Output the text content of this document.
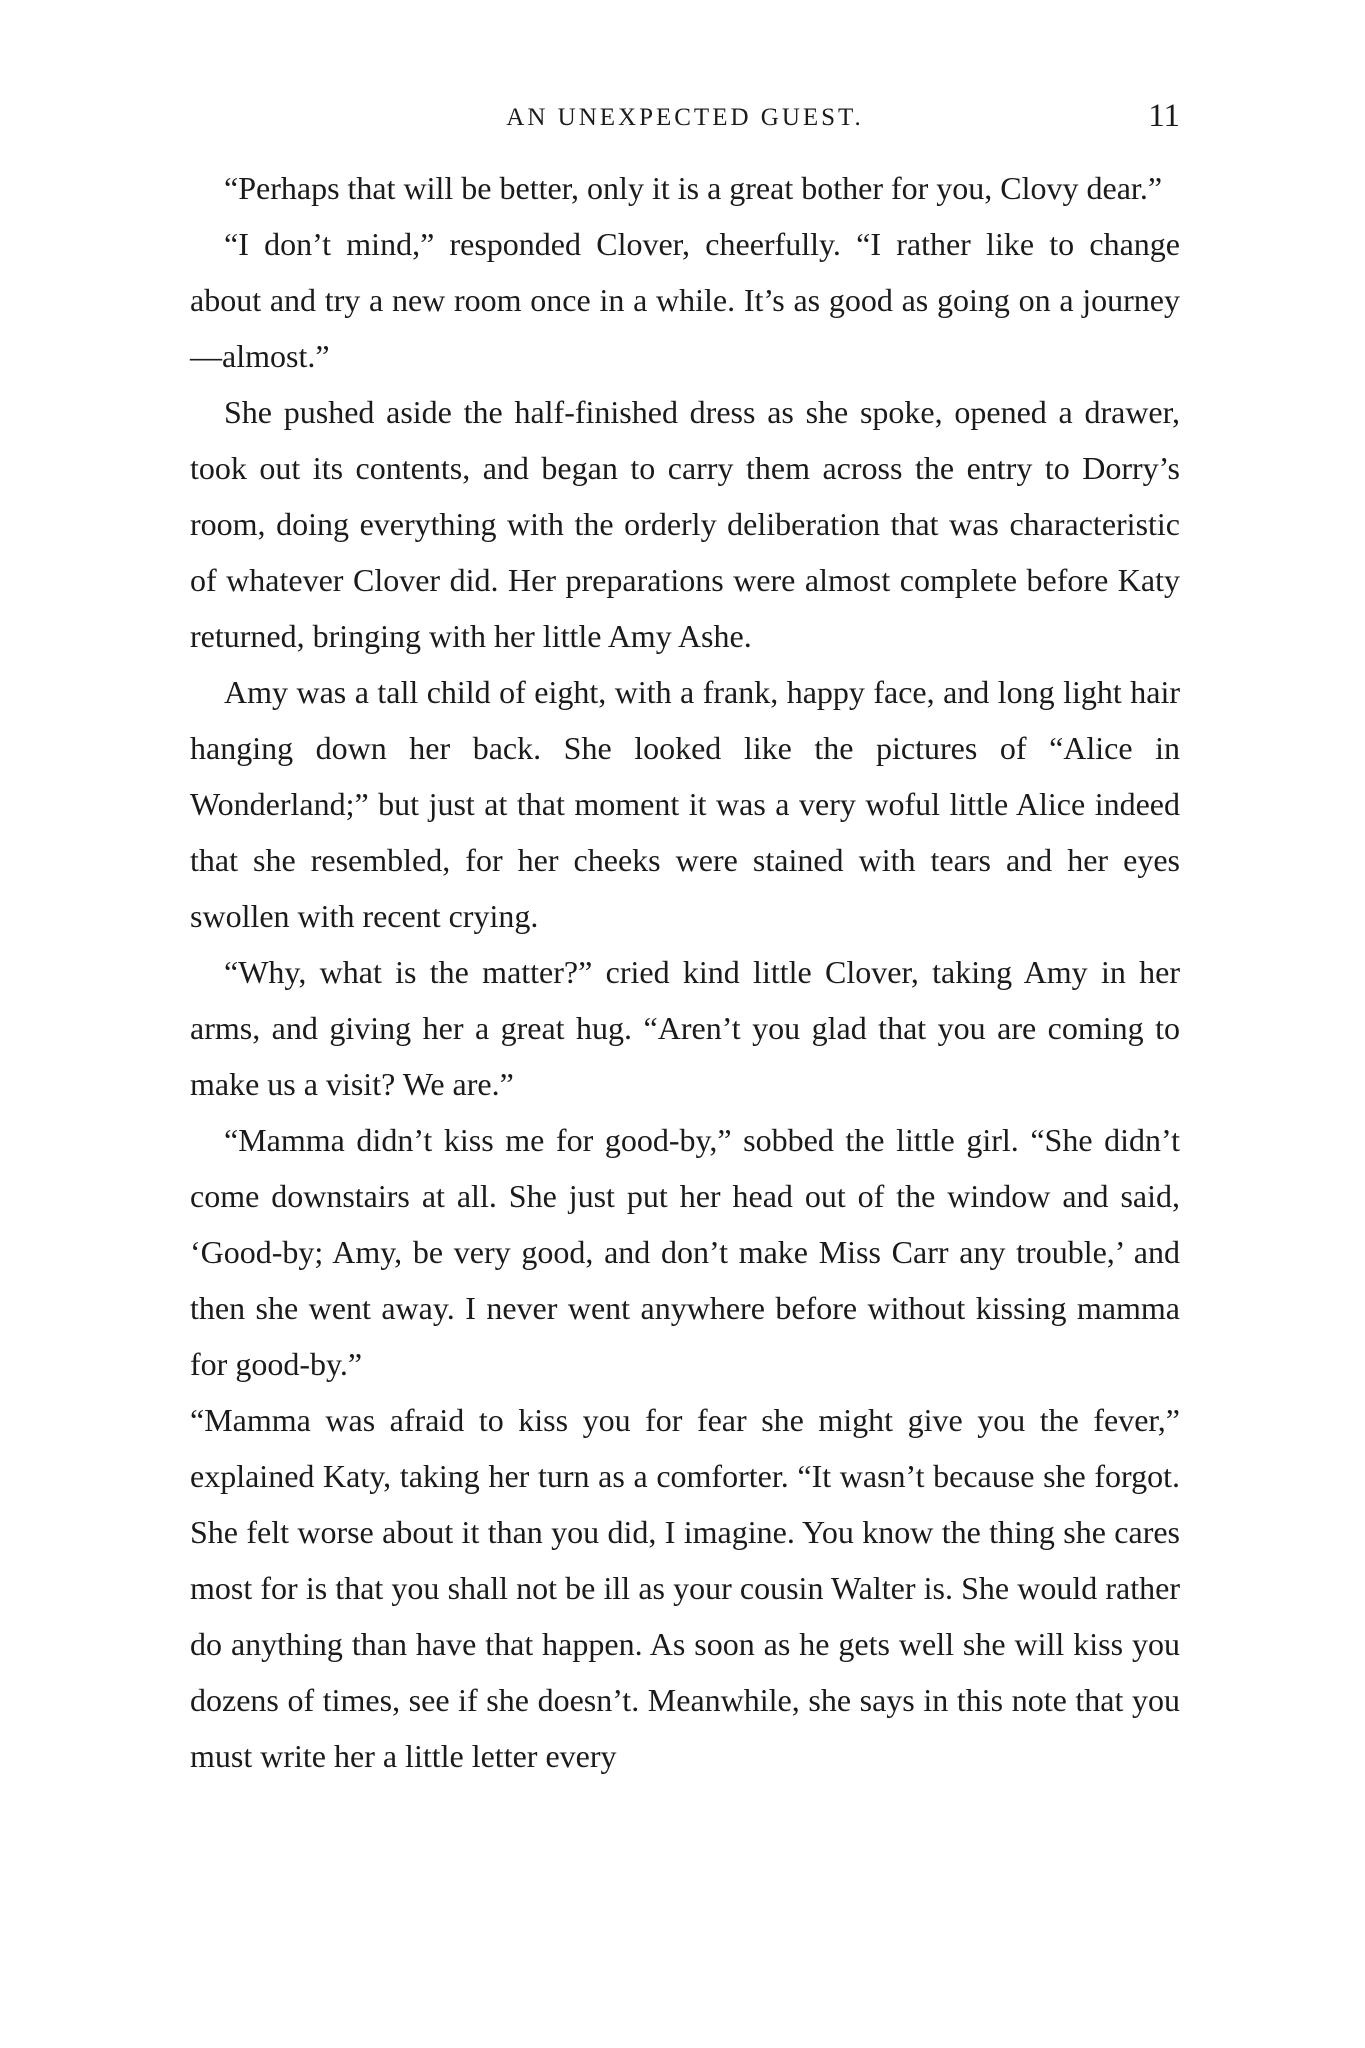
AN UNEXPECTED GUEST.	11

“Perhaps that will be better, only it is a great bother for you, Clovy dear.”

“I don’t mind,” responded Clover, cheerfully. “I rather like to change about and try a new room once in a while. It’s as good as going on a journey—almost.”

She pushed aside the half-finished dress as she spoke, opened a drawer, took out its contents, and began to carry them across the entry to Dorry’s room, doing everything with the orderly deliberation that was characteristic of whatever Clover did. Her preparations were almost complete before Katy returned, bringing with her little Amy Ashe.

Amy was a tall child of eight, with a frank, happy face, and long light hair hanging down her back. She looked like the pictures of “Alice in Wonderland;” but just at that moment it was a very woful little Alice indeed that she resembled, for her cheeks were stained with tears and her eyes swollen with recent crying.

“Why, what is the matter?” cried kind little Clover, taking Amy in her arms, and giving her a great hug. “Aren’t you glad that you are coming to make us a visit? We are.”

“Mamma didn’t kiss me for good-by,” sobbed the little girl. “She didn’t come downstairs at all. She just put her head out of the window and said, ‘Good-by; Amy, be very good, and don’t make Miss Carr any trouble,’ and then she went away. I never went anywhere before without kissing mamma for good-by.”

“Mamma was afraid to kiss you for fear she might give you the fever,” explained Katy, taking her turn as a comforter. “It wasn’t because she forgot. She felt worse about it than you did, I imagine. You know the thing she cares most for is that you shall not be ill as your cousin Walter is. She would rather do anything than have that happen. As soon as he gets well she will kiss you dozens of times, see if she doesn’t. Meanwhile, she says in this note that you must write her a little letter every
